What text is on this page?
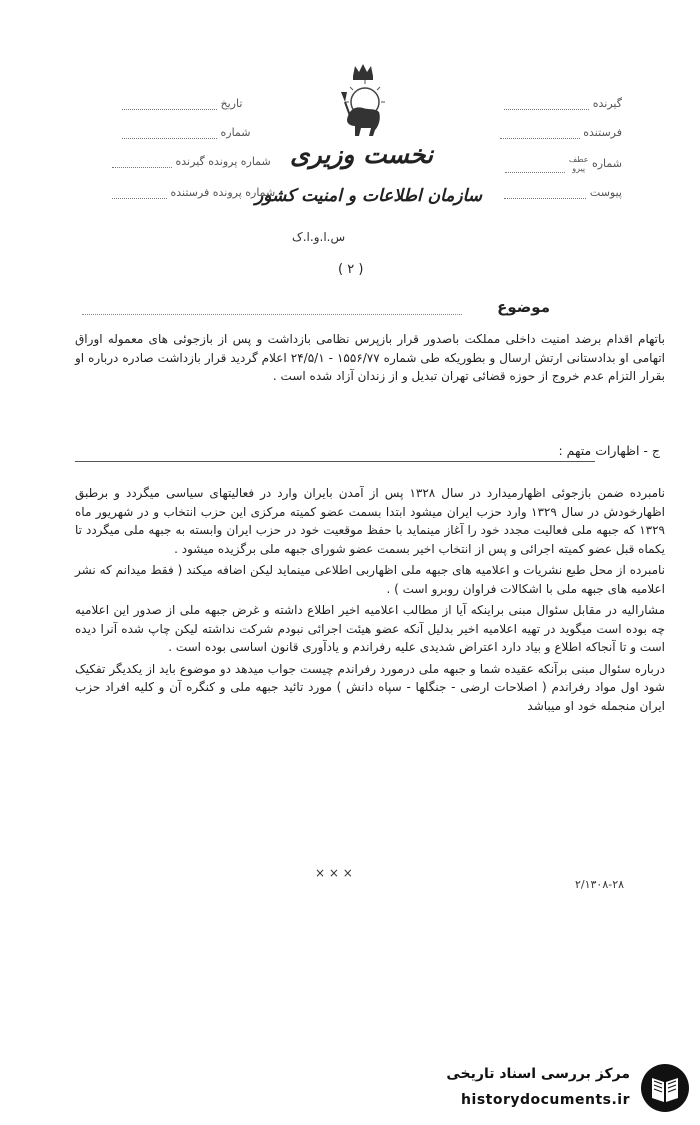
گیرنده
فرستنده
شماره عطف
پیرو
پیوست
تاریخ
شماره
شماره پرونده گیرنده
شماره پرونده فرستنده
نخست وزیری
سازمان اطلاعات و امنیت کشور
س.ا.و.ا.ک
( ۲ )
موضوع

باتهام اقدام برضد امنیت داخلی مملکت باصدور قرار بازپرس نظامی بازداشت و پس از بازجوئی های معموله اوراق اتهامی او بدادستانی ارتش ارسال و بطوریکه طی شماره ۱۵۵۶/۷۷ - ۲۴/۵/۱ اعلام گردید قرار بازداشت صادره درباره او بقرار التزام عدم خروج از حوزه قضائی تهران تبدیل و از زندان آزاد شده است .

ج - اظهارات متهم :

نامبرده ضمن بازجوئی اظهارمیدارد در سال ۱۳۲۸ پس از آمدن بایران وارد در فعالیتهای سیاسی میگردد و برطبق اظهارخودش در سال ۱۳۲۹ وارد حزب ایران میشود ابتدا بسمت عضو کمیته مرکزی این حزب انتخاب و در شهریور ماه ۱۳۲۹ که جبهه ملی فعالیت مجدد خود را آغاز مینماید با حفظ موقعیت خود در حزب ایران وابسته به جبهه ملی میگردد تا یکماه قبل عضو کمیته اجرائی و پس از انتخاب اخیر بسمت عضو شورای جبهه ملی برگزیده میشود .

نامبرده از محل طبع نشریات و اعلامیه های جبهه ملی اظهاربی اطلاعی مینماید لیکن اضافه میکند ( فقط میدانم که نشر اعلامیه های جبهه ملی با اشکالات فراوان روبرو است ) .

مشارالیه در مقابل سئوال مبنی براینکه آیا از مطالب اعلامیه اخیر اطلاع داشته و غرض جبهه ملی از صدور این اعلامیه چه بوده است میگوید در تهیه اعلامیه اخیر بدلیل آنکه عضو هیئت اجرائی نبودم شرکت نداشته لیکن چاپ شده آنرا دیده است و تا آنجاکه اطلاع و بیاد دارد اعتراض شدیدی علیه رفراندم و یادآوری قانون اساسی بوده است .

درباره سئوال مبنی برآنکه عقیده شما و جبهه ملی درمورد رفراندم چیست جواب میدهد دو موضوع باید از یکدیگر تفکیک شود اول مواد رفراندم ( اصلاحات ارضی - جنگلها - سپاه دانش ) مورد تائید جبهه ملی و کنگره آن و کلیه افراد حزب ایران منجمله خود او میباشد

× × ×
۲/۱۳۰۸-۲۸
مرکز بررسی اسناد تاریخی
historydocuments.ir
